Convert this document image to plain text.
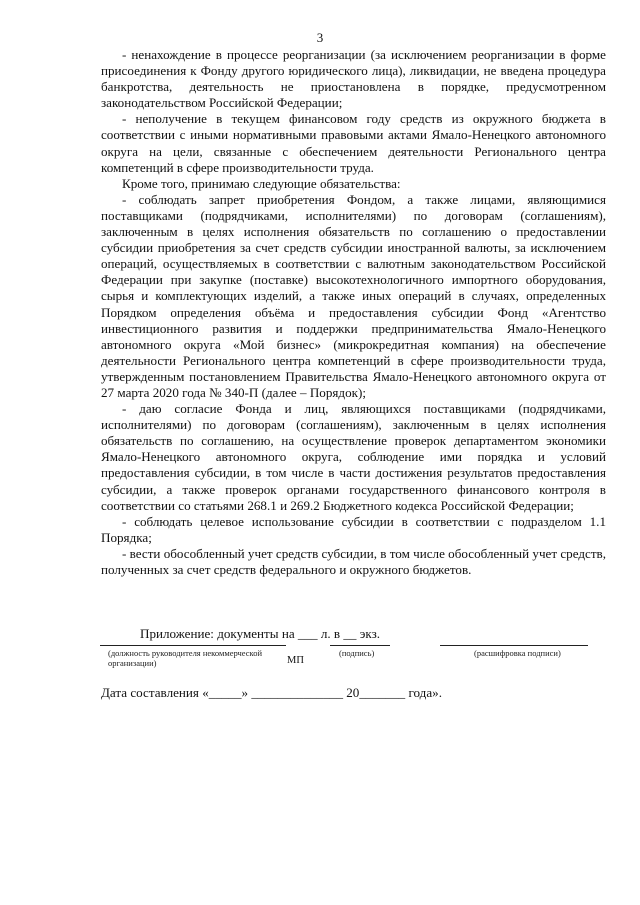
3

- ненахождение в процессе реорганизации (за исключением реорганизации в форме присоединения к Фонду другого юридического лица), ликвидации, не введена процедура банкротства, деятельность не приостановлена в порядке, предусмотренном законодательством Российской Федерации;

- неполучение в текущем финансовом году средств из окружного бюджета в соответствии с иными нормативными правовыми актами Ямало-Ненецкого автономного округа на цели, связанные с обеспечением деятельности Регионального центра компетенций в сфере производительности труда.

Кроме того, принимаю следующие обязательства:

- соблюдать запрет приобретения Фондом, а также лицами, являющимися поставщиками (подрядчиками, исполнителями) по договорам (соглашениям), заключенным в целях исполнения обязательств по соглашению о предоставлении субсидии приобретения за счет средств субсидии иностранной валюты, за исключением операций, осуществляемых в соответствии с валютным законодательством Российской Федерации при закупке (поставке) высокотехнологичного импортного оборудования, сырья и комплектующих изделий, а также иных операций в случаях, определенных Порядком определения объёма и предоставления субсидии Фонд «Агентство инвестиционного развития и поддержки предпринимательства Ямало-Ненецкого автономного округа «Мой бизнес» (микрокредитная компания) на обеспечение деятельности Регионального центра компетенций в сфере производительности труда, утвержденным постановлением Правительства Ямало-Ненецкого автономного округа от 27 марта 2020 года № 340-П (далее – Порядок);

- даю согласие Фонда и лиц, являющихся поставщиками (подрядчиками, исполнителями) по договорам (соглашениям), заключенным в целях исполнения обязательств по соглашению, на осуществление проверок департаментом экономики Ямало-Ненецкого автономного округа, соблюдение ими порядка и условий предоставления субсидии, в том числе в части достижения результатов предоставления субсидии, а также проверок органами государственного финансового контроля в соответствии со статьями 268.1 и 269.2 Бюджетного кодекса Российской Федерации;

- соблюдать целевое использование субсидии в соответствии с подразделом 1.1 Порядка;

- вести обособленный учет средств субсидии, в том числе обособленный учет средств, полученных за счет средств федерального и окружного бюджетов.

Приложение: документы на ___ л. в __ экз.
(должность руководителя некоммерческой организации)
(подпись)	(расшифровка подписи)
МП
Дата составления «_____» ______________ 20_______ года».
